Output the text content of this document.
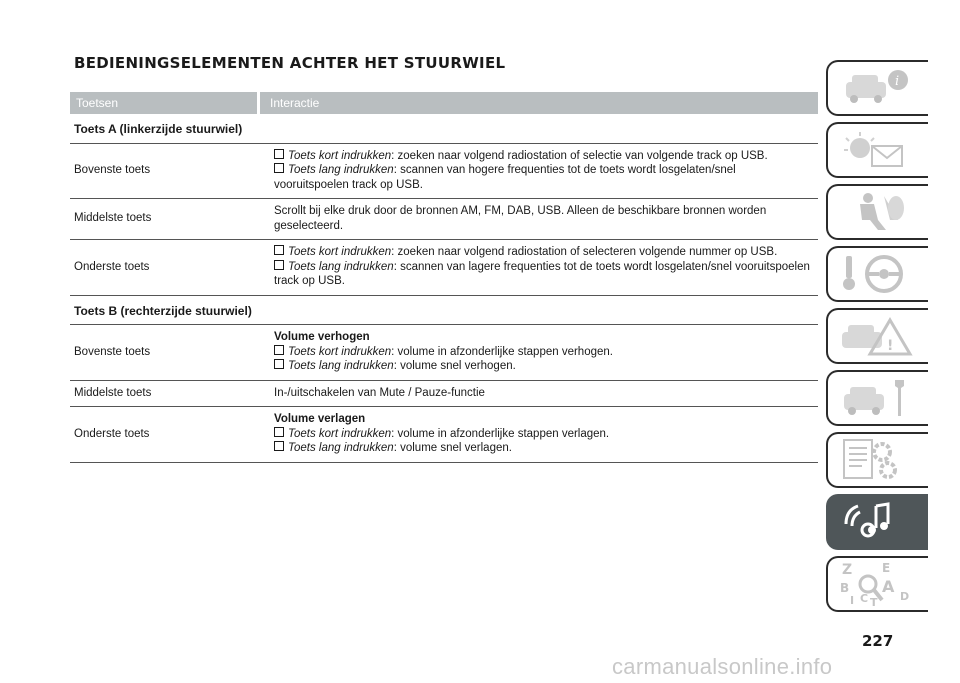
BEDIENINGSELEMENTEN ACHTER HET STUURWIEL
Toetsen	Interactie
Toets A (linkerzijde stuurwiel)
Bovenste toets
Toets kort indrukken: zoeken naar volgend radiostation of selectie van volgende track op USB.
Toets lang indrukken: scannen van hogere frequenties tot de toets wordt losgelaten/snel
vooruitspoelen track op USB.
Middelste toets
Scrollt bij elke druk door de bronnen AM, FM, DAB, USB. Alleen de beschikbare bronnen worden
geselecteerd.
Onderste toets
Toets kort indrukken: zoeken naar volgend radiostation of selecteren volgende nummer op USB.
Toets lang indrukken: scannen van lagere frequenties tot de toets wordt losgelaten/snel vooruitspoelen
track op USB.
Toets B (rechterzijde stuurwiel)
Bovenste toets
Volume verhogen
Toets kort indrukken: volume in afzonderlijke stappen verhogen.
Toets lang indrukken: volume snel verhogen.
Middelste toets	In-/uitschakelen van Mute / Pauze-functie
Onderste toets
Volume verlagen
Toets kort indrukken: volume in afzonderlijke stappen verlagen.
Toets lang indrukken: volume snel verlagen.
i
!
Z E
B A
I C T D
227
carmanualsonline.info
